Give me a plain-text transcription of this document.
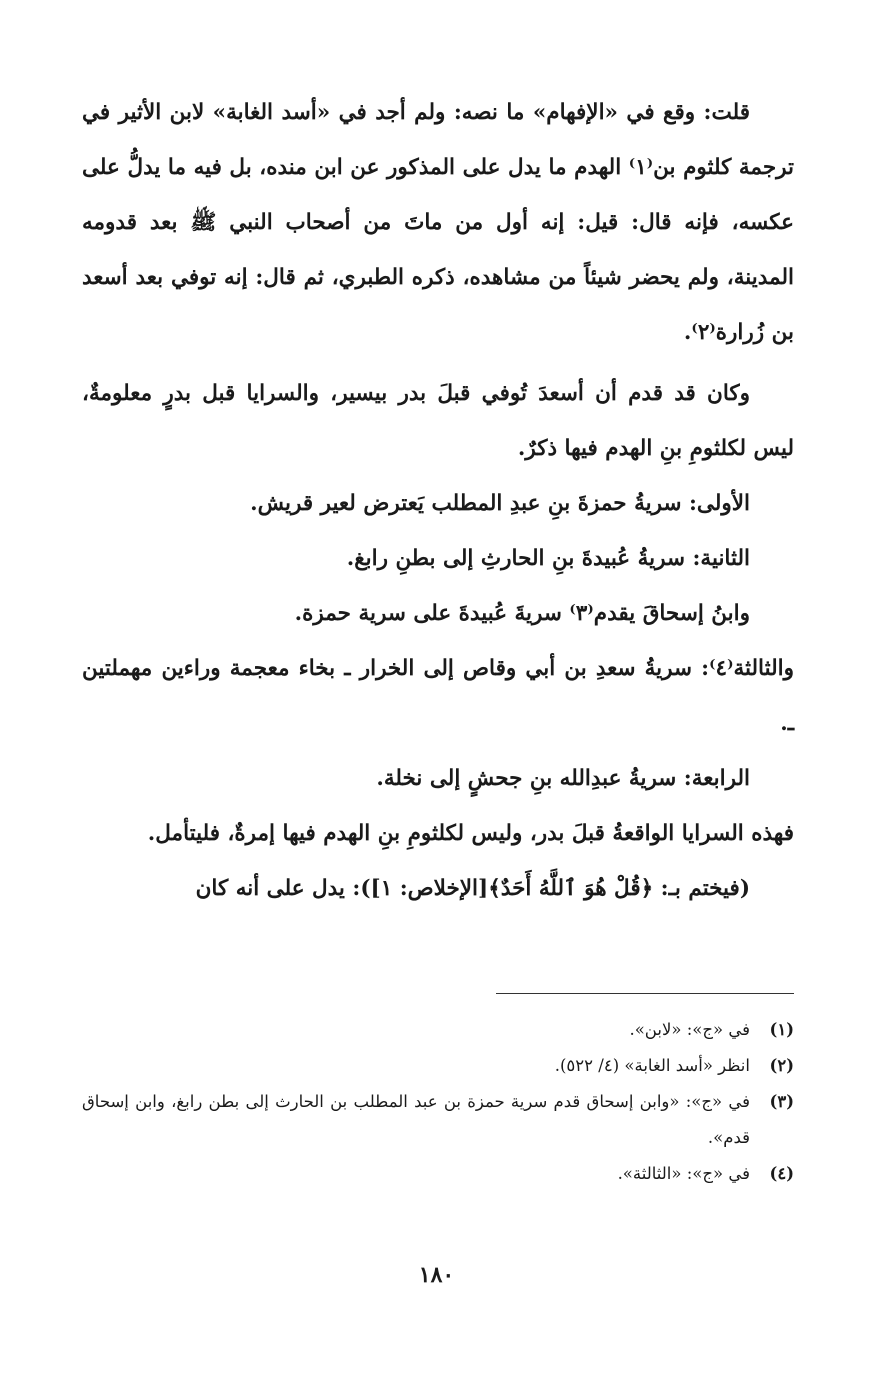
قلت: وقع في «الإفهام» ما نصه: ولم أجد في «أسد الغابة» لابن الأثير في ترجمة كلثوم بن⁽١⁾ الهدم ما يدل على المذكور عن ابن منده، بل فيه ما يدلُّ على عكسه، فإنه قال: قيل: إنه أول من ماتَ من أصحاب النبي ﷺ بعد قدومه المدينة، ولم يحضر شيئاً من مشاهده، ذكره الطبري، ثم قال: إنه توفي بعد أسعد بن زُرارة⁽٢⁾.

وكان قد قدم أن أسعدَ تُوفي قبلَ بدر بيسير، والسرايا قبل بدرٍ معلومةٌ، ليس لكلثومِ بنِ الهدم فيها ذكرٌ.

الأولى: سريةُ حمزةَ بنِ عبدِ المطلب يَعترض لعير قريش.

الثانية: سريةُ عُبيدةَ بنِ الحارثِ إلى بطنِ رابغ.

وابنُ إسحاقَ يقدم⁽٣⁾ سريةَ عُبيدةَ على سرية حمزة.

والثالثة⁽٤⁾: سريةُ سعدِ بن أبي وقاص إلى الخرار ـ بخاء معجمة وراءين مهملتين ـ.

الرابعة: سريةُ عبدِالله بنِ جحشٍ إلى نخلة.

فهذه السرايا الواقعةُ قبلَ بدر، وليس لكلثومِ بنِ الهدم فيها إمرةٌ، فليتأمل.

(فيختم بـ: ﴿قُلْ هُوَ ٱللَّهُ أَحَدٌ﴾[الإخلاص: ١]): يدل على أنه كان

(١)
في «ج»: «لابن».
(٢)
انظر «أسد الغابة» (٤/ ٥٢٢).
(٣)
في «ج»: «وابن إسحاق قدم سرية حمزة بن عبد المطلب بن الحارث إلى بطن رابغ، وابن إسحاق قدم».
(٤)
في «ج»: «الثالثة».
١٨٠
